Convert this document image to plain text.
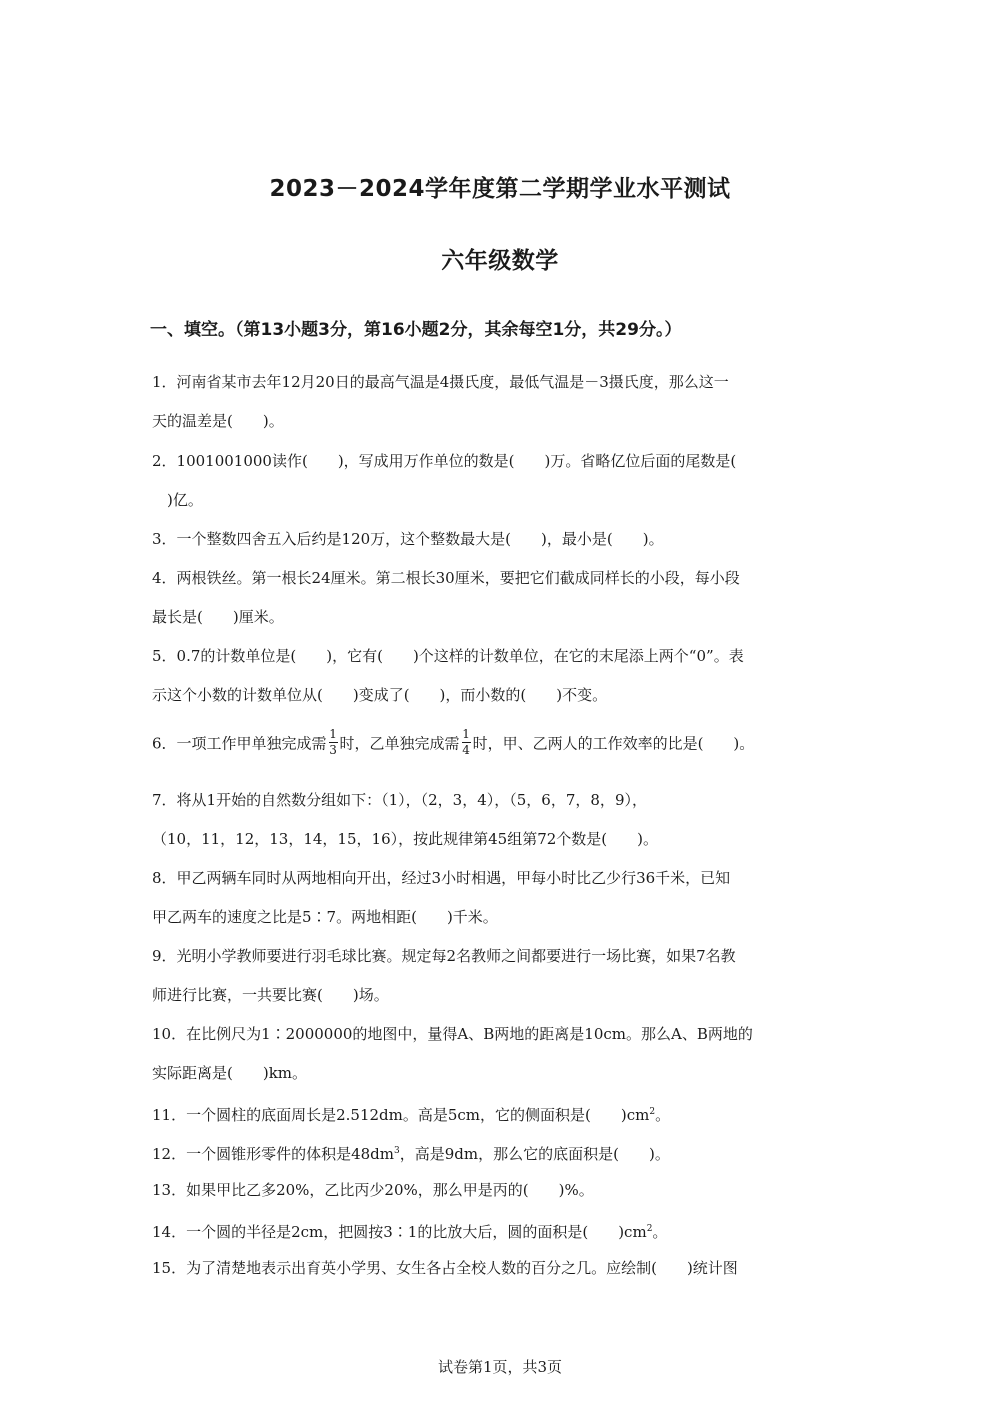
2023－2024学年度第二学期学业水平测试
六年级数学
一、填空。（第13小题3分，第16小题2分，其余每空1分，共29分。）
1．河南省某市去年12月20日的最高气温是4摄氏度，最低气温是－3摄氏度，那么这一
天的温差是(　　)。
2．1001001000读作(　　)，写成用万作单位的数是(　　)万。省略亿位后面的尾数是(
　)亿。
3．一个整数四舍五入后约是120万，这个整数最大是(　　)，最小是(　　)。
4．两根铁丝。第一根长24厘米。第二根长30厘米，要把它们截成同样长的小段，每小段
最长是(　　)厘米。
5．0.7的计数单位是(　　)，它有(　　)个这样的计数单位，在它的末尾添上两个“0”。表
示这个小数的计数单位从(　　)变成了(　　)，而小数的(　　)不变。
6．一项工作甲单独完成需 $\frac{1}{3}$ 时，乙单独完成需 $\frac{1}{4}$ 时，甲、乙两人的工作效率的比是(　　)。
7．将从1开始的自然数分组如下：（1），（2，3，4），（5，6，7，8，9），
（10，11，12，13，14，15，16），按此规律第45组第72个数是(　　)。
8．甲乙两辆车同时从两地相向开出，经过3小时相遇，甲每小时比乙少行36千米，已知
甲乙两车的速度之比是5∶7。两地相距(　　)千米。
9．光明小学教师要进行羽毛球比赛。规定每2名教师之间都要进行一场比赛，如果7名教
师进行比赛，一共要比赛(　　)场。
10．在比例尺为1∶2000000的地图中，量得A、B两地的距离是10cm。那么A、B两地的
实际距离是(　　)km。
11．一个圆柱的底面周长是2.512dm。高是5cm，它的侧面积是(　　)$cm^2$。
12．一个圆锥形零件的体积是$48dm^3$，高是9dm，那么它的底面积是(　　)。
13．如果甲比乙多20%，乙比丙少20%，那么甲是丙的(　　)%。
14．一个圆的半径是2cm，把圆按3∶1的比放大后，圆的面积是(　　)$cm^2$。
15．为了清楚地表示出育英小学男、女生各占全校人数的百分之几。应绘制(　　)统计图
试卷第1页，共3页
